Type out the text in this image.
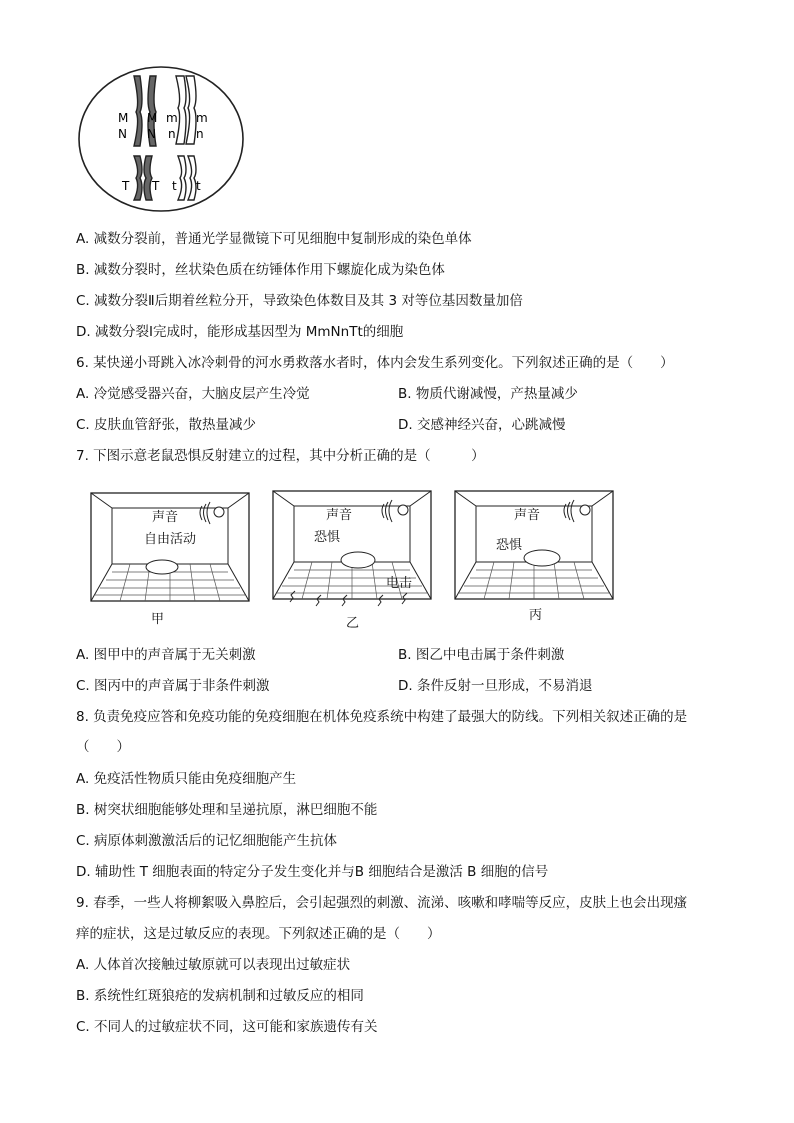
M
N
M
N
m
n
m
n
T T t t
A. 减数分裂前，普通光学显微镜下可见细胞中复制形成的染色单体
B. 减数分裂时，丝状染色质在纺锤体作用下螺旋化成为染色体
C. 减数分裂Ⅱ后期着丝粒分开，导致染色体数目及其 3 对等位基因数量加倍
D. 减数分裂Ⅰ完成时，能形成基因型为 MmNnTt的细胞
6. 某快递小哥跳入冰冷刺骨的河水勇救落水者时，体内会发生系列变化。下列叙述正确的是（　　）
A. 冷觉感受器兴奋，大脑皮层产生冷觉	B. 物质代谢减慢，产热量减少
C. 皮肤血管舒张，散热量减少	D. 交感神经兴奋，心跳减慢
7. 下图示意老鼠恐惧反射建立的过程，其中分析正确的是（　　　）
声音
自由活动
甲
声音
恐惧
电击
乙
声音
恐惧
丙
A. 图甲中的声音属于无关刺激	B. 图乙中电击属于条件刺激
C. 图丙中的声音属于非条件刺激	D. 条件反射一旦形成，不易消退
8. 负责免疫应答和免疫功能的免疫细胞在机体免疫系统中构建了最强大的防线。下列相关叙述正确的是
（　　）
A. 免疫活性物质只能由免疫细胞产生
B. 树突状细胞能够处理和呈递抗原，淋巴细胞不能
C. 病原体刺激激活后的记忆细胞能产生抗体
D. 辅助性 T 细胞表面的特定分子发生变化并与B 细胞结合是激活 B 细胞的信号
9. 春季，一些人将柳絮吸入鼻腔后，会引起强烈的刺激、流涕、咳嗽和哮喘等反应，皮肤上也会出现瘙
痒的症状，这是过敏反应的表现。下列叙述正确的是（　　）
A. 人体首次接触过敏原就可以表现出过敏症状
B. 系统性红斑狼疮的发病机制和过敏反应的相同
C. 不同人的过敏症状不同，这可能和家族遗传有关
